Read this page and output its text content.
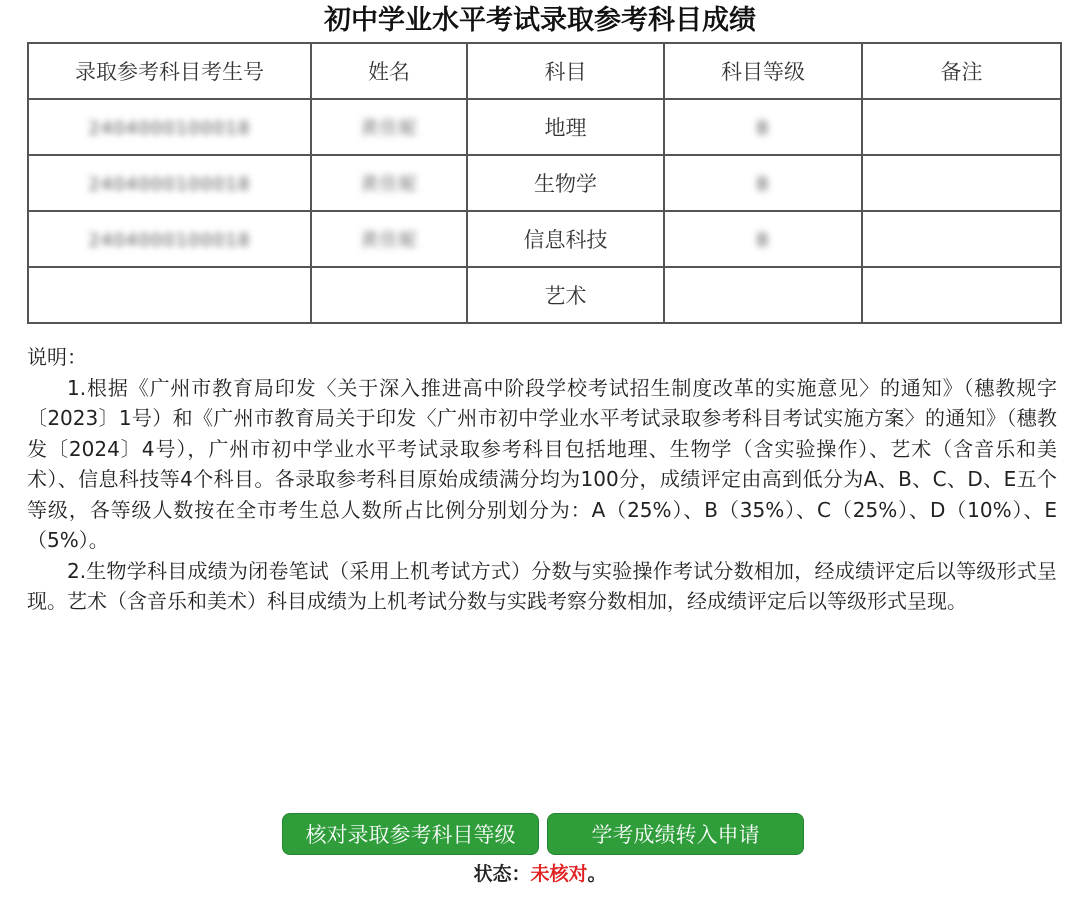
初中学业水平考试录取参考科目成绩
录取参考科目考生号	姓名	科目	科目等级	备注
2404000100018	黄佳妮	地理	B	
2404000100018	黄佳妮	生物学	B	
2404000100018	黄佳妮	信息科技	B	
		艺术		

说明：

1.根据《广州市教育局印发〈关于深入推进高中阶段学校考试招生制度改革的实施意见〉的通知》（穗教规字〔2023〕1号）和《广州市教育局关于印发〈广州市初中学业水平考试录取参考科目考试实施方案〉的通知》（穗教发〔2024〕4号），广州市初中学业水平考试录取参考科目包括地理、生物学（含实验操作）、艺术（含音乐和美术）、信息科技等4个科目。各录取参考科目原始成绩满分均为100分，成绩评定由高到低分为A、B、C、D、E五个等级，各等级人数按在全市考生总人数所占比例分别划分为：A（25%）、B（35%）、C（25%）、D（10%）、E（5%）。

2.生物学科目成绩为闭卷笔试（采用上机考试方式）分数与实验操作考试分数相加，经成绩评定后以等级形式呈现。艺术（含音乐和美术）科目成绩为上机考试分数与实践考察分数相加，经成绩评定后以等级形式呈现。

核对录取参考科目等级	学考成绩转入申请
状态：未核对。
